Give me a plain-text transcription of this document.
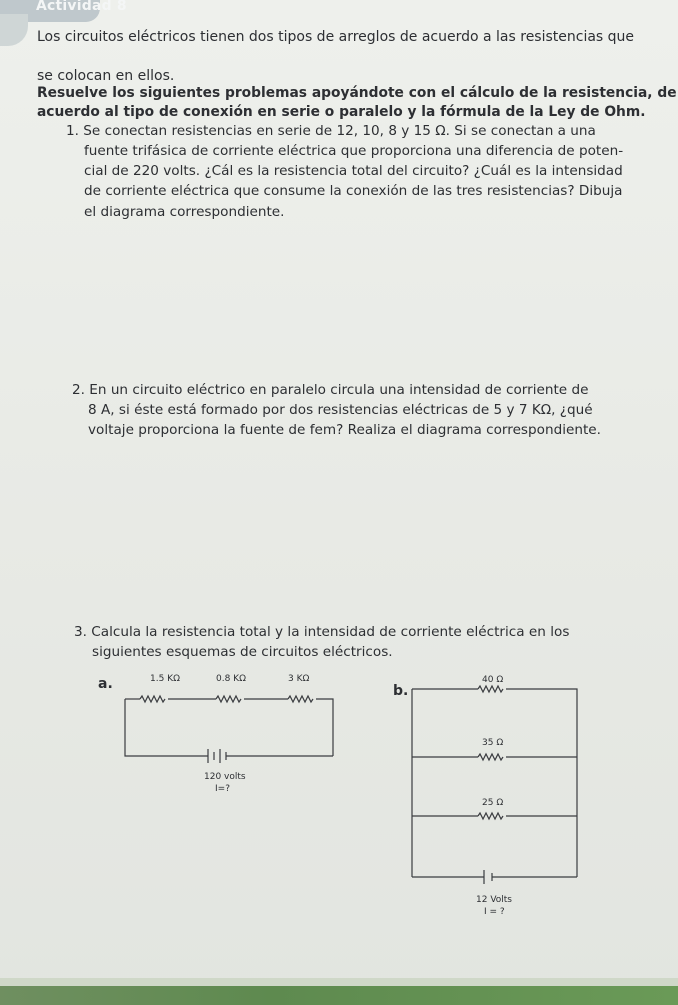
Actividad 8
Los circuitos eléctricos tienen dos tipos de arreglos de acuerdo a las resistencias que
se colocan en ellos.
Resuelve los siguientes problemas apoyándote con el cálculo de la resistencia, de
acuerdo al tipo de conexión en serie o paralelo y la fórmula de la Ley de Ohm.
1. Se conectan resistencias en serie de 12, 10, 8 y 15 Ω. Si se conectan a una
fuente trifásica de corriente eléctrica que proporciona una diferencia de poten-
cial de 220 volts. ¿Cál es la resistencia total del circuito? ¿Cuál es la intensidad
de corriente eléctrica que consume la conexión de las tres resistencias? Dibuja
el diagrama correspondiente.
2. En un circuito eléctrico en paralelo circula una intensidad de corriente de
8 A, si éste está formado por dos resistencias eléctricas de 5 y 7 KΩ, ¿qué
voltaje proporciona la fuente de fem? Realiza el diagrama correspondiente.
3. Calcula la resistencia total y la intensidad de corriente eléctrica en los
siguientes esquemas de circuitos eléctricos.
a.	1.5 KΩ	0.8 KΩ	3 KΩ
120 volts
I=?
b.
40 Ω
35 Ω
25 Ω
12 Volts
I = ?
